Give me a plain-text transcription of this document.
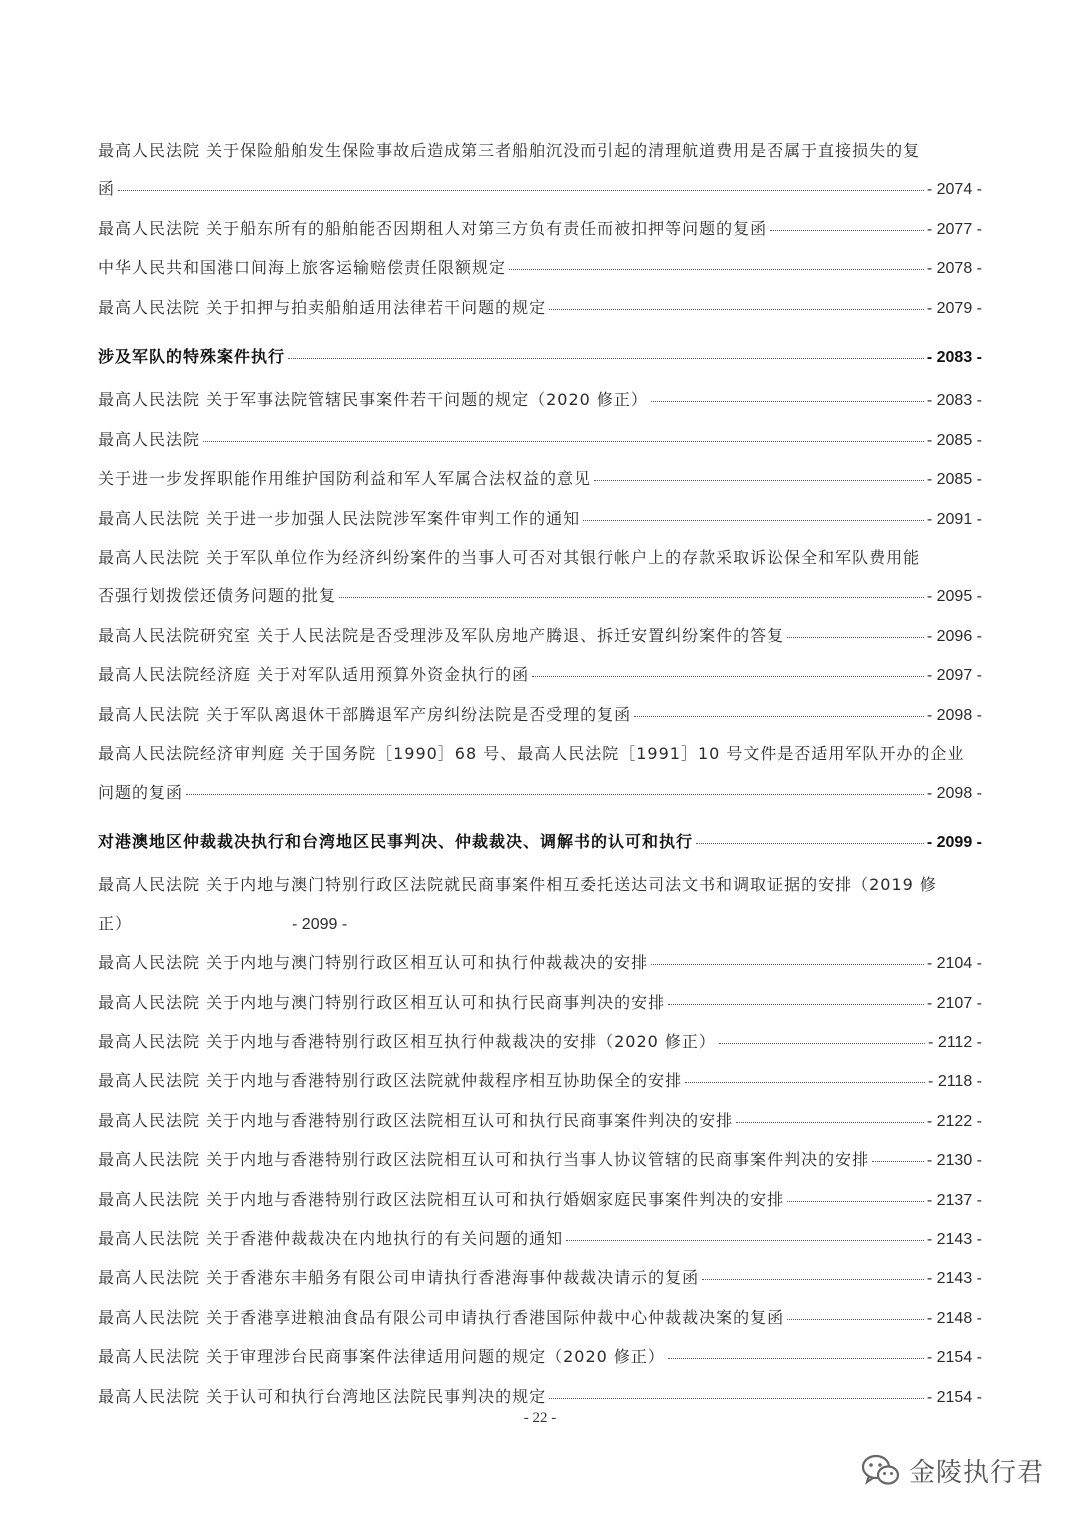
最高人民法院 关于保险船舶发生保险事故后造成第三者船舶沉没而引起的清理航道费用是否属于直接损失的复
函	- 2074 -
最高人民法院 关于船东所有的船舶能否因期租人对第三方负有责任而被扣押等问题的复函	- 2077 -
中华人民共和国港口间海上旅客运输赔偿责任限额规定	- 2078 -
最高人民法院 关于扣押与拍卖船舶适用法律若干问题的规定	- 2079 -
涉及军队的特殊案件执行	- 2083 -
最高人民法院 关于军事法院管辖民事案件若干问题的规定（2020 修正）	- 2083 -
最高人民法院	- 2085 -
关于进一步发挥职能作用维护国防利益和军人军属合法权益的意见	- 2085 -
最高人民法院 关于进一步加强人民法院涉军案件审判工作的通知	- 2091 -
最高人民法院 关于军队单位作为经济纠纷案件的当事人可否对其银行帐户上的存款采取诉讼保全和军队费用能
否强行划拨偿还债务问题的批复	- 2095 -
最高人民法院研究室 关于人民法院是否受理涉及军队房地产腾退、拆迁安置纠纷案件的答复	- 2096 -
最高人民法院经济庭 关于对军队适用预算外资金执行的函	- 2097 -
最高人民法院 关于军队离退休干部腾退军产房纠纷法院是否受理的复函	- 2098 -
最高人民法院经济审判庭 关于国务院［1990］68 号、最高人民法院［1991］10 号文件是否适用军队开办的企业
问题的复函	- 2098 -
对港澳地区仲裁裁决执行和台湾地区民事判决、仲裁裁决、调解书的认可和执行	- 2099 -
最高人民法院 关于内地与澳门特别行政区法院就民商事案件相互委托送达司法文书和调取证据的安排（2019 修
正）	- 2099 -
最高人民法院 关于内地与澳门特别行政区相互认可和执行仲裁裁决的安排	- 2104 -
最高人民法院 关于内地与澳门特别行政区相互认可和执行民商事判决的安排	- 2107 -
最高人民法院 关于内地与香港特别行政区相互执行仲裁裁决的安排（2020 修正）	- 2112 -
最高人民法院 关于内地与香港特别行政区法院就仲裁程序相互协助保全的安排	- 2118 -
最高人民法院 关于内地与香港特别行政区法院相互认可和执行民商事案件判决的安排	- 2122 -
最高人民法院 关于内地与香港特别行政区法院相互认可和执行当事人协议管辖的民商事案件判决的安排	- 2130 -
最高人民法院 关于内地与香港特别行政区法院相互认可和执行婚姻家庭民事案件判决的安排	- 2137 -
最高人民法院 关于香港仲裁裁决在内地执行的有关问题的通知	- 2143 -
最高人民法院 关于香港东丰船务有限公司申请执行香港海事仲裁裁决请示的复函	- 2143 -
最高人民法院 关于香港享进粮油食品有限公司申请执行香港国际仲裁中心仲裁裁决案的复函	- 2148 -
最高人民法院 关于审理涉台民商事案件法律适用问题的规定（2020 修正）	- 2154 -
最高人民法院 关于认可和执行台湾地区法院民事判决的规定	- 2154 -
- 22 -
金陵执行君
